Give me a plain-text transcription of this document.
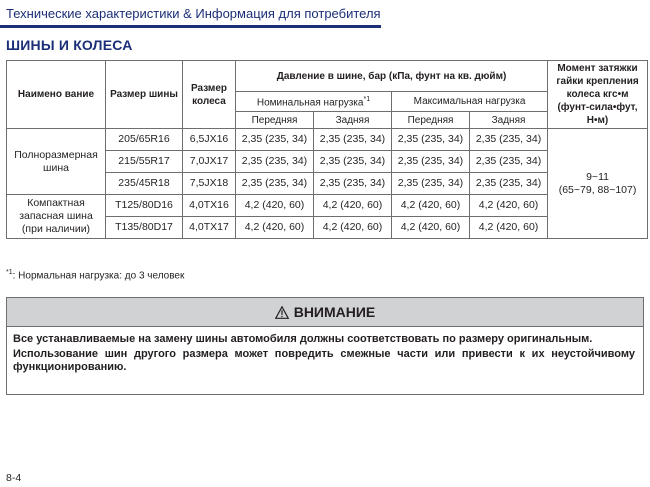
Технические характеристики & Информация для потребителя
ШИНЫ И КОЛЕСА
Наимено вание	Размер шины	Размер колеса	Давление в шине, бар (кПа, фунт на кв. дюйм)				Момент затяжки гайки крепления колеса кгс•м (фунт-сила•фут, Н•м)
			Номинальная нагрузка$^{*1}$		Максимальная нагрузка		
			Передняя	Задняя	Передняя	Задняя	
Полноразмерная шина	205/65R16	6,5JX16	2,35 (235, 34)	2,35 (235, 34)	2,35 (235, 34)	2,35 (235, 34)	9~11
(65~79, 88~107)

	215/55R17	7,0JX17	2,35 (235, 34)	2,35 (235, 34)	2,35 (235, 34)	2,35 (235, 34)	
	235/45R18	7,5JX18	2,35 (235, 34)	2,35 (235, 34)	2,35 (235, 34)	2,35 (235, 34)	
Компактная запасная шина (при наличии)	T125/80D16	4,0TX16	4,2 (420, 60)	4,2 (420, 60)	4,2 (420, 60)	4,2 (420, 60)	
	T135/80D17	4,0TX17	4,2 (420, 60)	4,2 (420, 60)	4,2 (420, 60)	4,2 (420, 60)	
$^{*1}$: Нормальная нагрузка: до 3 человек
ВНИМАНИЕ

Все устанавливаемые на замену шины автомобиля должны соответствовать по размеру оригинальным.

Использование шин другого размера может повредить смежные части или привести к их неустойчивому функционированию.

8-4
